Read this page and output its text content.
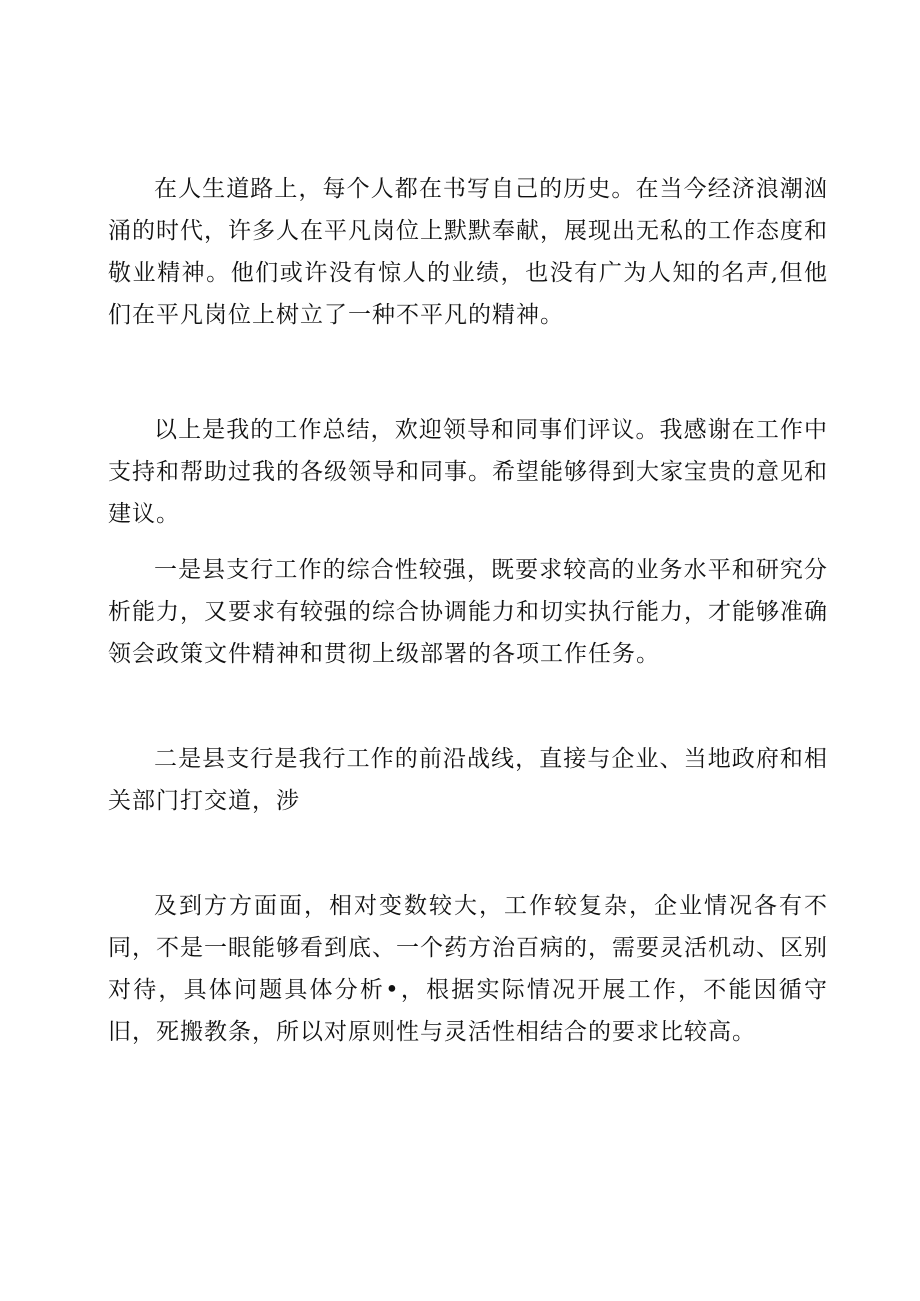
在人生道路上，每个人都在书写自己的历史。在当今经济浪潮汹涌的时代，许多人在平凡岗位上默默奉献，展现出无私的工作态度和敬业精神。他们或许没有惊人的业绩，也没有广为人知的名声,但他们在平凡岗位上树立了一种不平凡的精神。

以上是我的工作总结，欢迎领导和同事们评议。我感谢在工作中支持和帮助过我的各级领导和同事。希望能够得到大家宝贵的意见和建议。

一是县支行工作的综合性较强，既要求较高的业务水平和研究分析能力，又要求有较强的综合协调能力和切实执行能力，才能够准确领会政策文件精神和贯彻上级部署的各项工作任务。

二是县支行是我行工作的前沿战线，直接与企业、当地政府和相关部门打交道，涉

及到方方面面，相对变数较大，工作较复杂，企业情况各有不同，不是一眼能够看到底、一个药方治百病的，需要灵活机动、区别对待，具体问题具体分析•，根据实际情况开展工作，不能因循守旧，死搬教条，所以对原则性与灵活性相结合的要求比较高。
